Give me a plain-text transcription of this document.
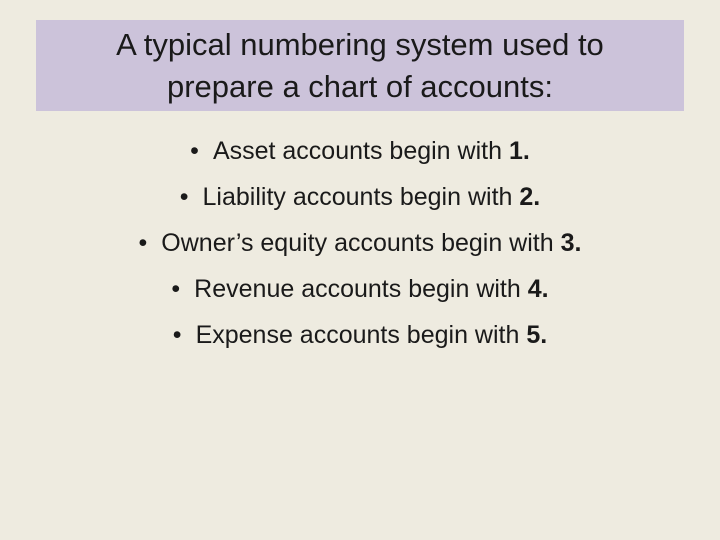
A typical numbering system used to
prepare a chart of accounts:
• Asset accounts begin with 1.
• Liability accounts begin with 2.
• Owner’s equity accounts begin with 3.
• Revenue accounts begin with 4.
• Expense accounts begin with 5.
